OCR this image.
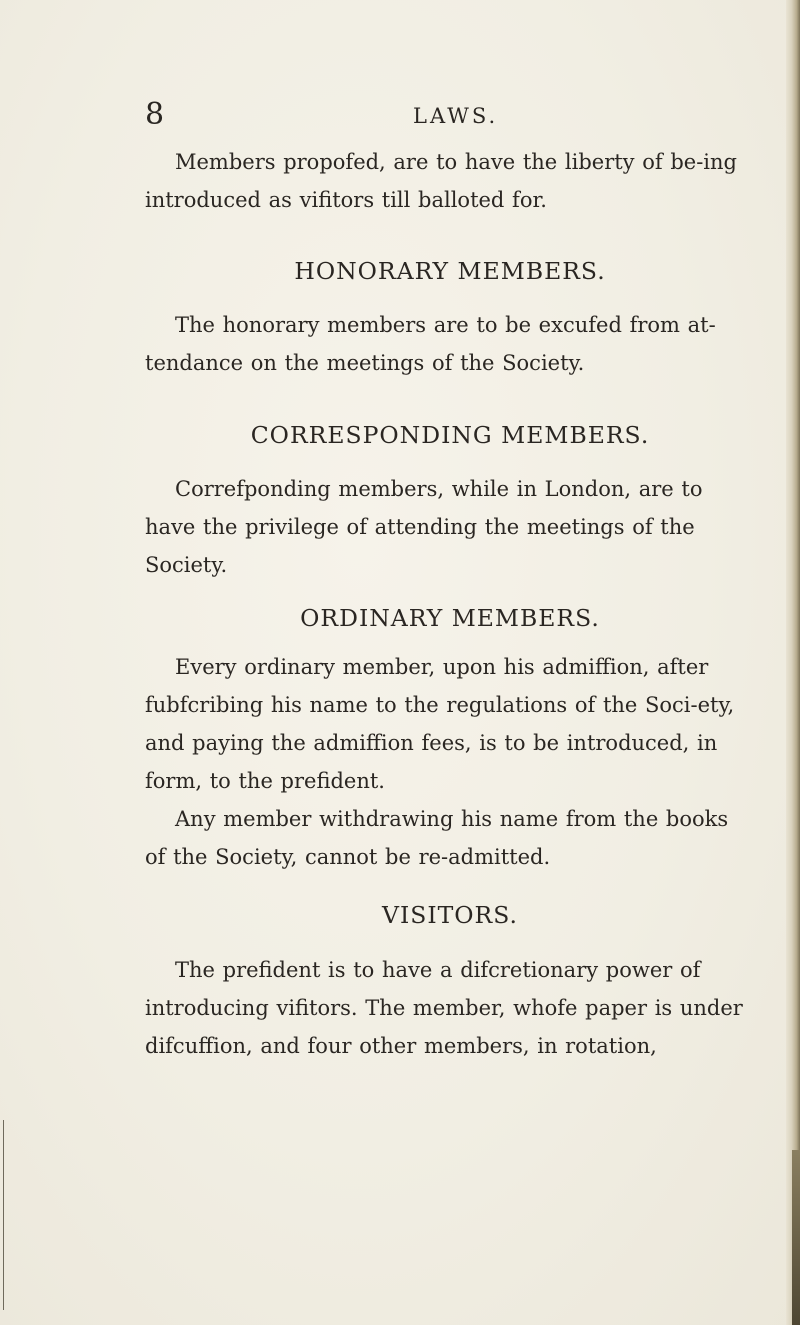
8	LAWS.

Members propofed, are to have the liberty of be-ing introduced as vifitors till balloted for.

HONORARY MEMBERS.

The honorary members are to be excufed from at-tendance on the meetings of the Society.

CORRESPONDING MEMBERS.

Correfponding members, while in London, are to have the privilege of attending the meetings of the Society.

ORDINARY MEMBERS.

Every ordinary member, upon his admiffion, after fubfcribing his name to the regulations of the Soci-ety, and paying the admiffion fees, is to be introduced, in form, to the prefident.

Any member withdrawing his name from the books of the Society, cannot be re-admitted.

VISITORS.

The prefident is to have a difcretionary power of introducing vifitors. The member, whofe paper is under difcuffion, and four other members, in rotation,
